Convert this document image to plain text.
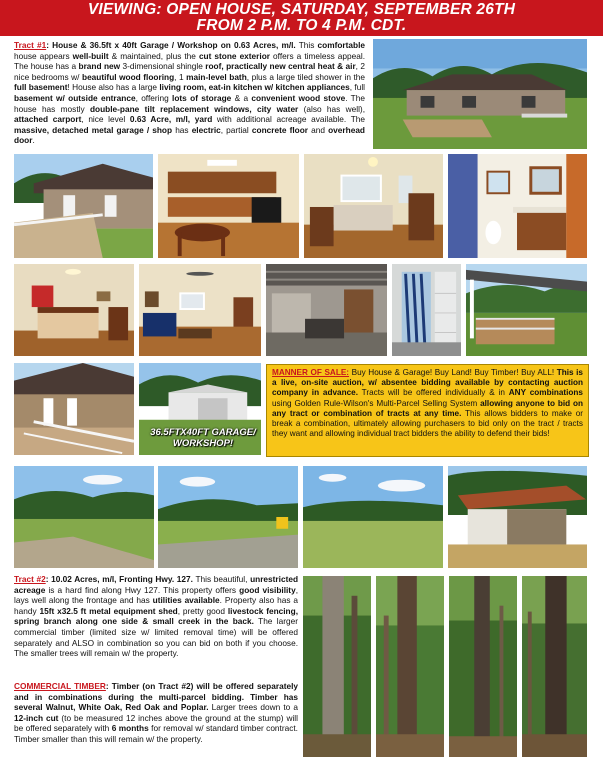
VIEWING: OPEN HOUSE, SATURDAY, SEPTEMBER 26TH
FROM 2 P.M. TO 4 P.M. CDT.
Tract #1: House & 36.5ft x 40ft Garage / Workshop on 0.63 Acres, m/l. This comfortable house appears well-built & maintained, plus the cut stone exterior offers a timeless appeal. The house has a brand new 3-dimensional shingle roof, practically new central heat & air, 2 nice bedrooms w/ beautiful wood flooring, 1 main-level bath, plus a large tiled shower in the full basement! House also has a large living room, eat-in kitchen w/ kitchen appliances, full basement w/ outside entrance, offering lots of storage & a convenient wood stove. The house has mostly double-pane tilt replacement windows, city water (also has well), attached carport, nice level 0.63 Acre, m/l, yard with additional acreage available. The massive, detached metal garage / shop has electric, partial concrete floor and overhead door.
36.5FTX40FT GARAGE/ WORKSHOP!
MANNER OF SALE: Buy House & Garage! Buy Land! Buy Timber! Buy ALL! This is a live, on-site auction, w/ absentee bidding available by contacting auction company in advance. Tracts will be offered individually & in ANY combinations using Golden Rule-Wilson's Multi-Parcel Selling System allowing anyone to bid on any tract or combination of tracts at any time. This allows bidders to make or break a combination, ultimately allowing purchasers to bid only on the tract / tracts they want and allowing individual tract bidders the ability to defend their bids!
Tract #2: 10.02 Acres, m/l, Fronting Hwy. 127. This beautiful, unrestricted acreage is a hard find along Hwy 127. This property offers good visibility, lays well along the frontage and has utilities available. Property also has a handy 15ft x32.5 ft metal equipment shed, pretty good livestock fencing, spring branch along one side & small creek in the back. The larger commercial timber (limited size w/ limited removal time) will be offered separately and ALSO in combination so you can bid on both if you choose. The smaller trees will remain w/ the property.
COMMERCIAL TIMBER: Timber (on Tract #2) will be offered separately and in combinations during the multi-parcel bidding. Timber has several Walnut, White Oak, Red Oak and Poplar. Larger trees down to a 12-inch cut (to be measured 12 inches above the ground at the stump) will be offered separately with 6 months for removal w/ standard timber contract. Timber smaller than this will remain w/ the property.
